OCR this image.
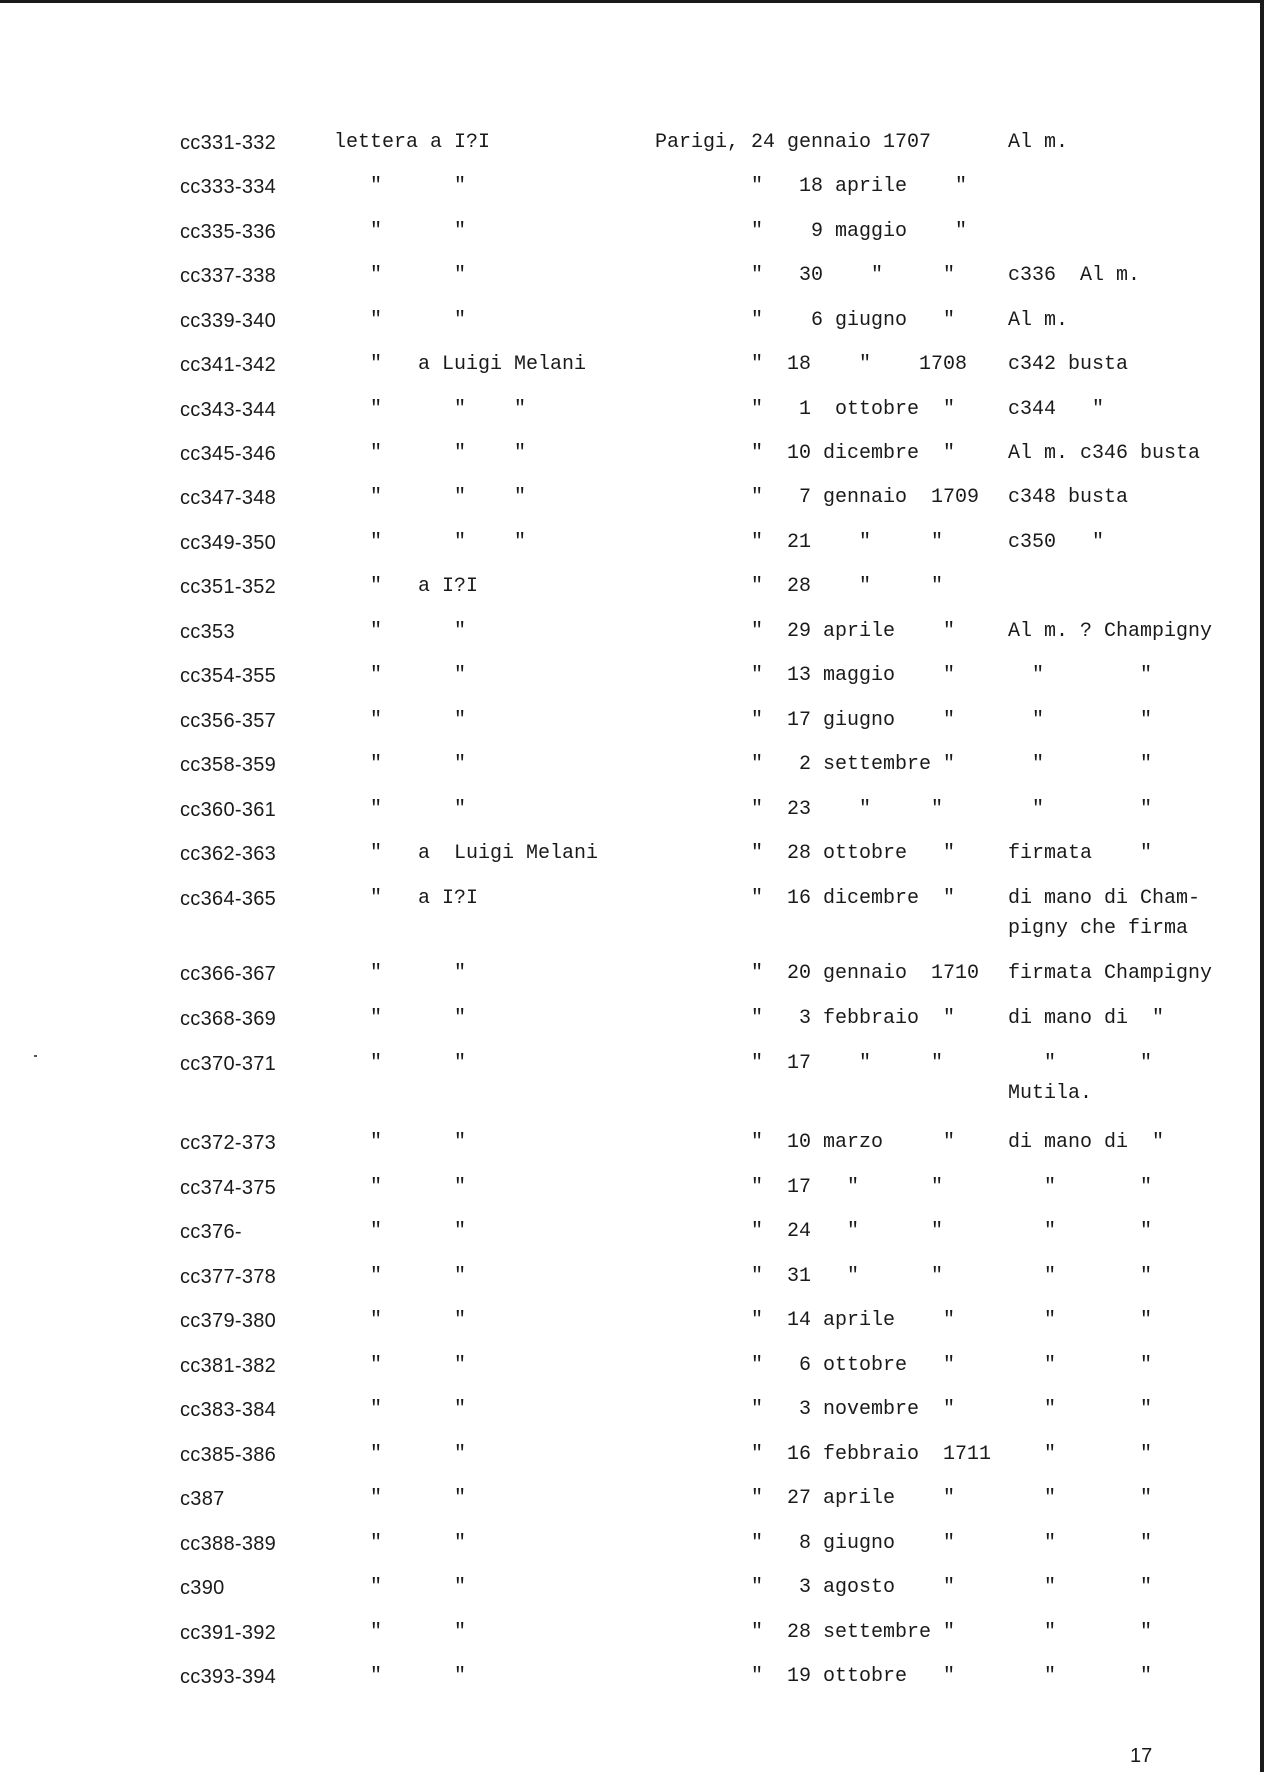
cc331-332	lettera a I?I	Parigi, 24 gennaio 1707	Al m.
cc333-334	"      "	"   18 aprile    "
cc335-336	"      "	"    9 maggio    "
cc337-338	"      "	"   30    "     "	c336  Al m.
cc339-340	"      "	"    6 giugno   "	Al m.
cc341-342	"   a Luigi Melani	"  18    "    1708 c342 busta
cc343-344	"      "    "	"   1  ottobre  "	c344   "
cc345-346	"      "    "	"  10 dicembre  "	Al m. c346 busta
cc347-348	"      "    "	"   7 gennaio  1709 c348 busta
cc349-350	"      "    "	"  21    "     "	c350   "
cc351-352	"   a I?I	"  28    "     "
cc353	"      "	"  29 aprile    "	Al m. ? Champigny
cc354-355	"      "	"  13 maggio    "	"        "
cc356-357	"      "	"  17 giugno    "	"        "
cc358-359	"      "	"   2 settembre "	"        "
cc360-361	"      "	"  23    "     "	"        "
cc362-363	"   a  Luigi Melani	"  28 ottobre   "	firmata    "
cc364-365	"   a I?I	"  16 dicembre  "	di mano di Cham-
pigny che firma
cc366-367	"      "	"  20 gennaio  1710 firmata Champigny
cc368-369	"      "	"   3 febbraio  "	di mano di  "
cc370-371	"      "	"  17    "     "	"       "
Mutila.
cc372-373	"      "	"  10 marzo     "	di mano di  "
cc374-375	"      "	"  17   "      "	"       "
cc376-	"      "	"  24   "      "	"       "
cc377-378	"      "	"  31   "      "	"       "
cc379-380	"      "	"  14 aprile    "	"       "
cc381-382	"      "	"   6 ottobre   "	"       "
cc383-384	"      "	"   3 novembre  "	"       "
cc385-386	"      "	"  16 febbraio  1711 "       "
c387	"      "	"  27 aprile    "	"       "
cc388-389	"      "	"   8 giugno    "	"       "
c390	"      "	"   3 agosto    "	"       "
cc391-392	"      "	"  28 settembre "	"       "
cc393-394	"      "	"  19 ottobre   "	"       "
17
